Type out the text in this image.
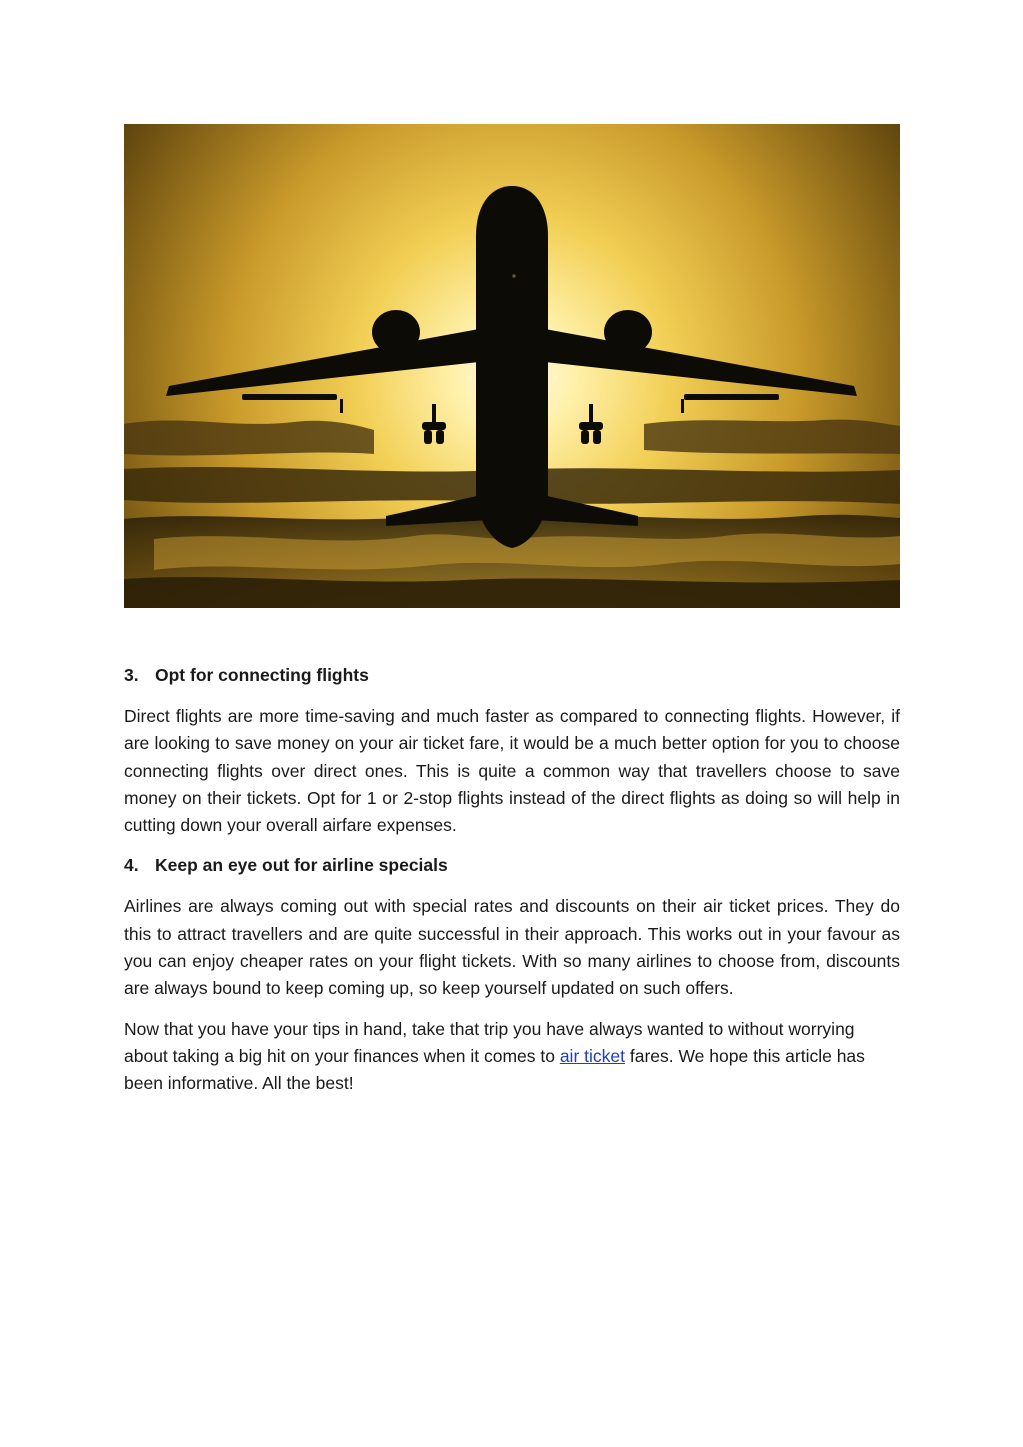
3. Opt for connecting flights

Direct flights are more time-saving and much faster as compared to connecting flights. However, if are looking to save money on your air ticket fare, it would be a much better option for you to choose connecting flights over direct ones. This is quite a common way that travellers choose to save money on their tickets. Opt for 1 or 2-stop flights instead of the direct flights as doing so will help in cutting down your overall airfare expenses.

4. Keep an eye out for airline specials

Airlines are always coming out with special rates and discounts on their air ticket prices. They do this to attract travellers and are quite successful in their approach. This works out in your favour as you can enjoy cheaper rates on your flight tickets. With so many airlines to choose from, discounts are always bound to keep coming up, so keep yourself updated on such offers.

Now that you have your tips in hand, take that trip you have always wanted to without worrying about taking a big hit on your finances when it comes to air ticket fares. We hope this article has been informative. All the best!
